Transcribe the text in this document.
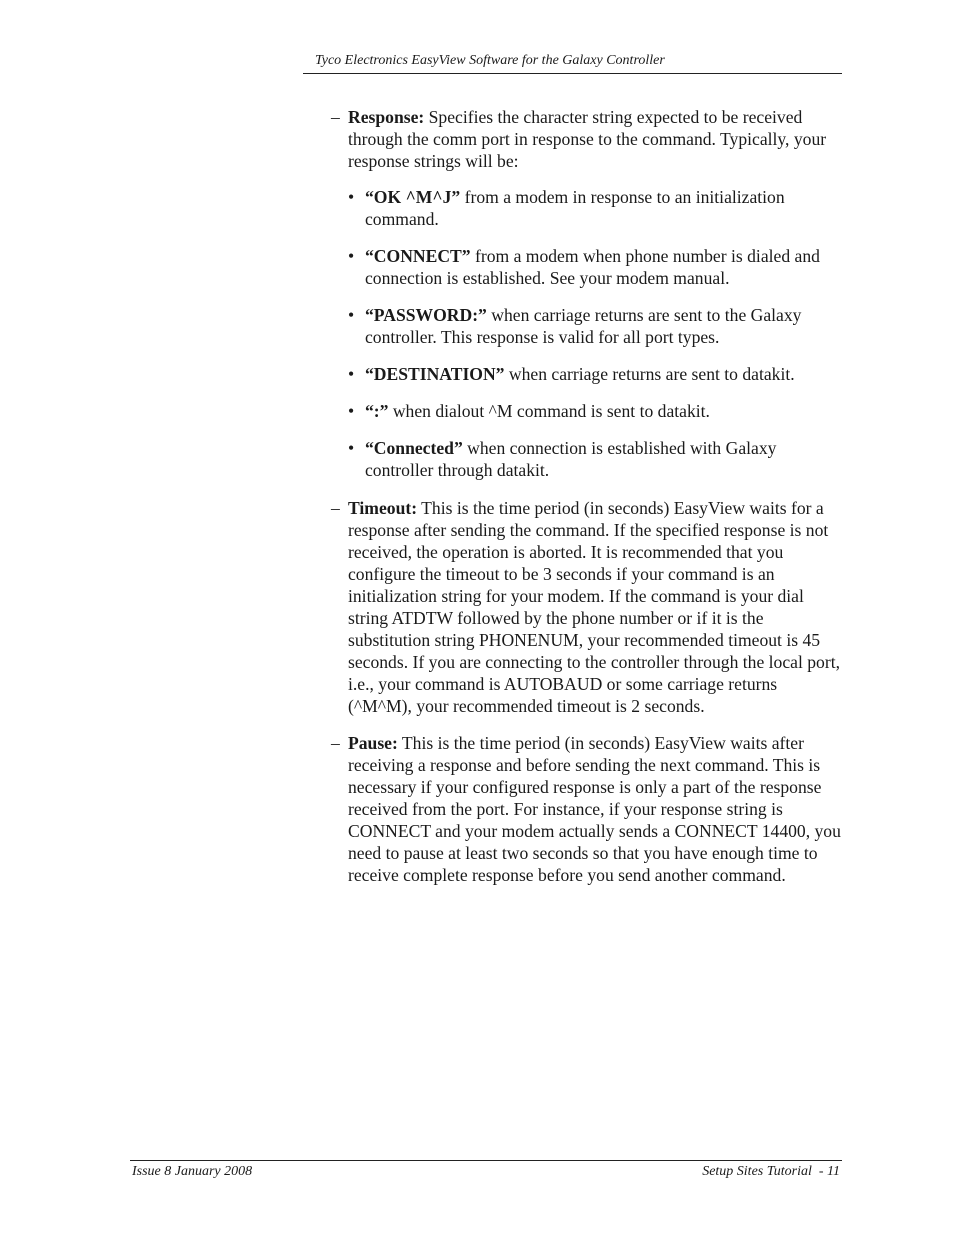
Tyco Electronics EasyView Software for the Galaxy Controller
– Response: Specifies the character string expected to be received through the comm port in response to the command. Typically, your response strings will be:
• “OK ^M^J” from a modem in response to an initialization command.
• “CONNECT” from a modem when phone number is dialed and connection is established. See your modem manual.
• “PASSWORD:” when carriage returns are sent to the Galaxy controller. This response is valid for all port types.
• “DESTINATION” when carriage returns are sent to datakit.
• “:” when dialout ^M command is sent to datakit.
• “Connected” when connection is established with Galaxy controller through datakit.
– Timeout: This is the time period (in seconds) EasyView waits for a response after sending the command. If the specified response is not received, the operation is aborted. It is recommended that you configure the timeout to be 3 seconds if your command is an initialization string for your modem. If the command is your dial string ATDTW followed by the phone number or if it is the substitution string PHONENUM, your recommended timeout is 45 seconds. If you are connecting to the controller through the local port, i.e., your command is AUTOBAUD or some carriage returns (^M^M), your recommended timeout is 2 seconds.
– Pause: This is the time period (in seconds) EasyView waits after receiving a response and before sending the next command. This is necessary if your configured response is only a part of the response received from the port. For instance, if your response string is CONNECT and your modem actually sends a CONNECT 14400, you need to pause at least two seconds so that you have enough time to receive complete response before you send another command.
Issue 8 January 2008	Setup Sites Tutorial  - 11
